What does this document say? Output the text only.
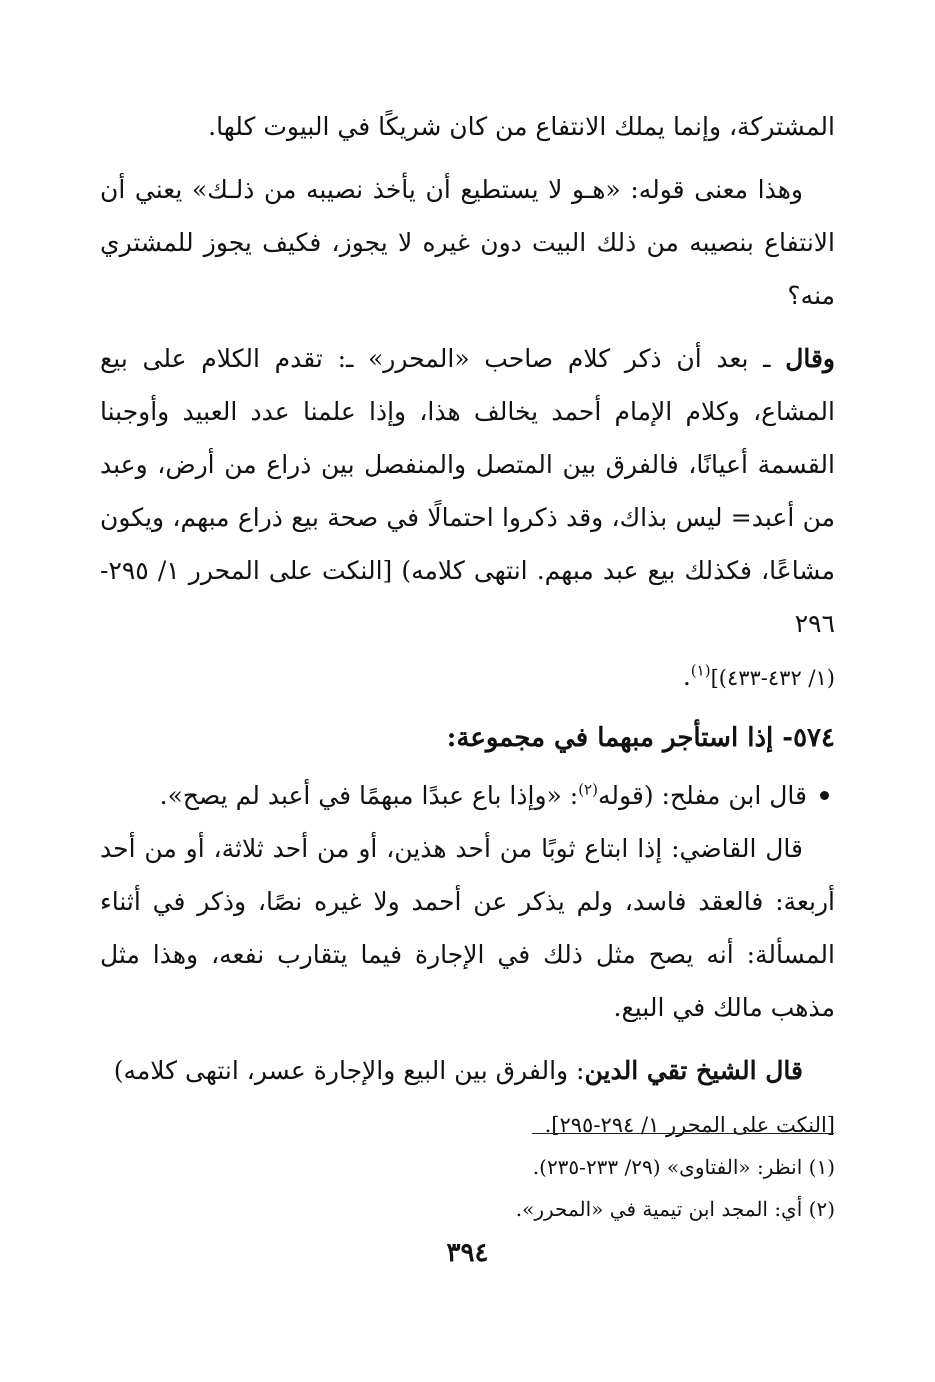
المشتركة، وإنما يملك الانتفاع من كان شريكًا في البيوت كلها.

وهذا معنى قوله: «هـو لا يستطيع أن يأخذ نصيبه من ذلـك» يعني أن الانتفاع بنصيبه من ذلك البيت دون غيره لا يجوز، فكيف يجوز للمشتري منه؟

وقال ـ بعد أن ذكر كلام صاحب «المحرر» ـ: تقدم الكلام على بيع المشاع، وكلام الإمام أحمد يخالف هذا، وإذا علمنا عدد العبيد وأوجبنا القسمة أعيانًا، فالفرق بين المتصل والمنفصل بين ذراع من أرض، وعبد من أعبد= ليس بذاك، وقد ذكروا احتمالًا في صحة بيع ذراع مبهم، ويكون مشاعًا، فكذلك بيع عبد مبهم. انتهى كلامه) [النكت على المحرر ١/ ٢٩٥- ٢٩٦
(١/ ٤٣٢-٤٣٣)]$^{(١)}$.

٥٧٤- إذا استأجر مبهما في مجموعة:

قال ابن مفلح: (قوله$^{(٢)}$: «وإذا باع عبدًا مبهمًا في أعبد لم يصح».

قال القاضي: إذا ابتاع ثوبًا من أحد هذين، أو من أحد ثلاثة، أو من أحد أربعة: فالعقد فاسد، ولم يذكر عن أحمد ولا غيره نصًا، وذكر في أثناء المسألة: أنه يصح مثل ذلك في الإجارة فيما يتقارب نفعه، وهذا مثل مذهب مالك في البيع.

قال الشيخ تقي الدين: والفرق بين البيع والإجارة عسر، انتهى كلامه)
[النكت على المحرر ١/ ٢٩٤-٢٩٥].

(١) انظر: «الفتاوى» (٢٩/ ٢٣٣-٢٣٥).

(٢) أي: المجد ابن تيمية في «المحرر».

٣٩٤
